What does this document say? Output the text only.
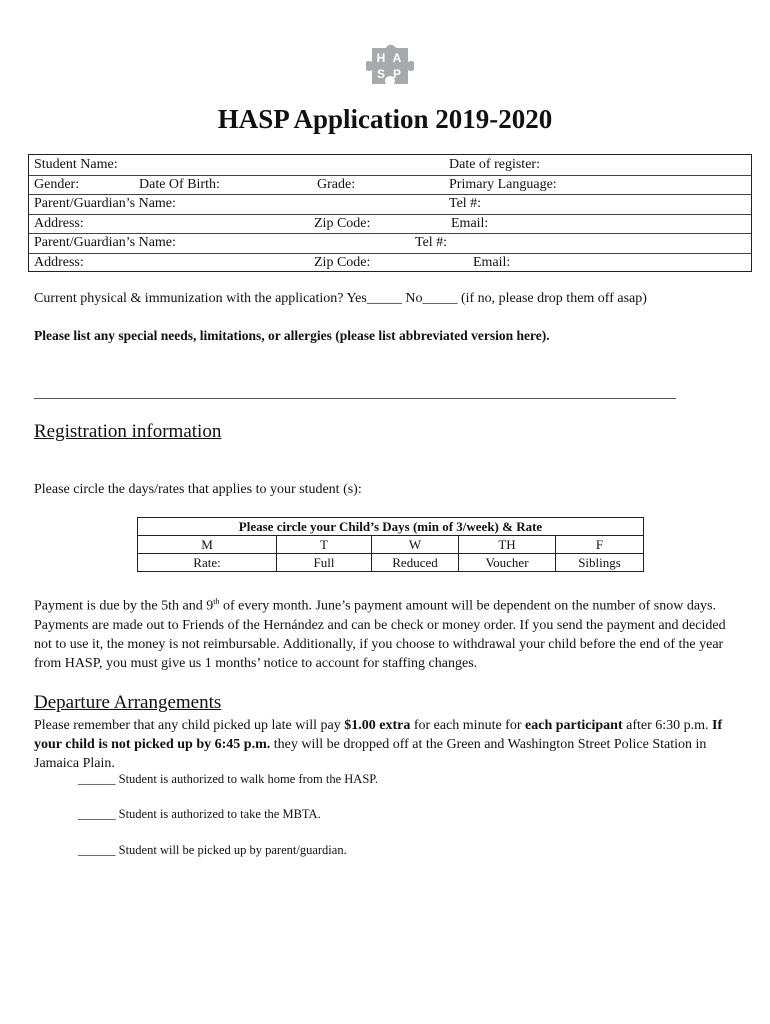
H A
S P
HASP Application 2019-2020
Student Name:	Date of register:
Gender:	Date Of Birth:	Grade:	Primary Language:
Parent/Guardian’s Name:	Tel #:
Address:	Zip Code:	Email:
Parent/Guardian’s Name:	Tel #:
Address:	Zip Code:	Email:
Current physical & immunization with the application? Yes_____ No_____ (if no, please drop them off asap)
Please list any special needs, limitations, or allergies (please list abbreviated version here).
Registration information
Please circle the days/rates that applies to your student (s):
Please circle your Child’s Days (min of 3/week) & Rate				
M	T	W	TH	F
Rate:	Full	Reduced	Voucher	Siblings
Payment is due by the 5th and 9th of every month. June’s payment amount will be dependent on the number of snow days. Payments are made out to Friends of the Hernández and can be check or money order. If you send the payment and decided not to use it, the money is not reimbursable. Additionally, if you choose to withdrawal your child before the end of the year from HASP, you must give us 1 months’ notice to account for staffing changes.
Departure Arrangements
Please remember that any child picked up late will pay $1.00 extra for each minute for each participant after 6:30 p.m. If your child is not picked up by 6:45 p.m. they will be dropped off at the Green and Washington Street Police Station in Jamaica Plain.
______ Student is authorized to walk home from the HASP.
______ Student is authorized to take the MBTA.
______ Student will be picked up by parent/guardian.
